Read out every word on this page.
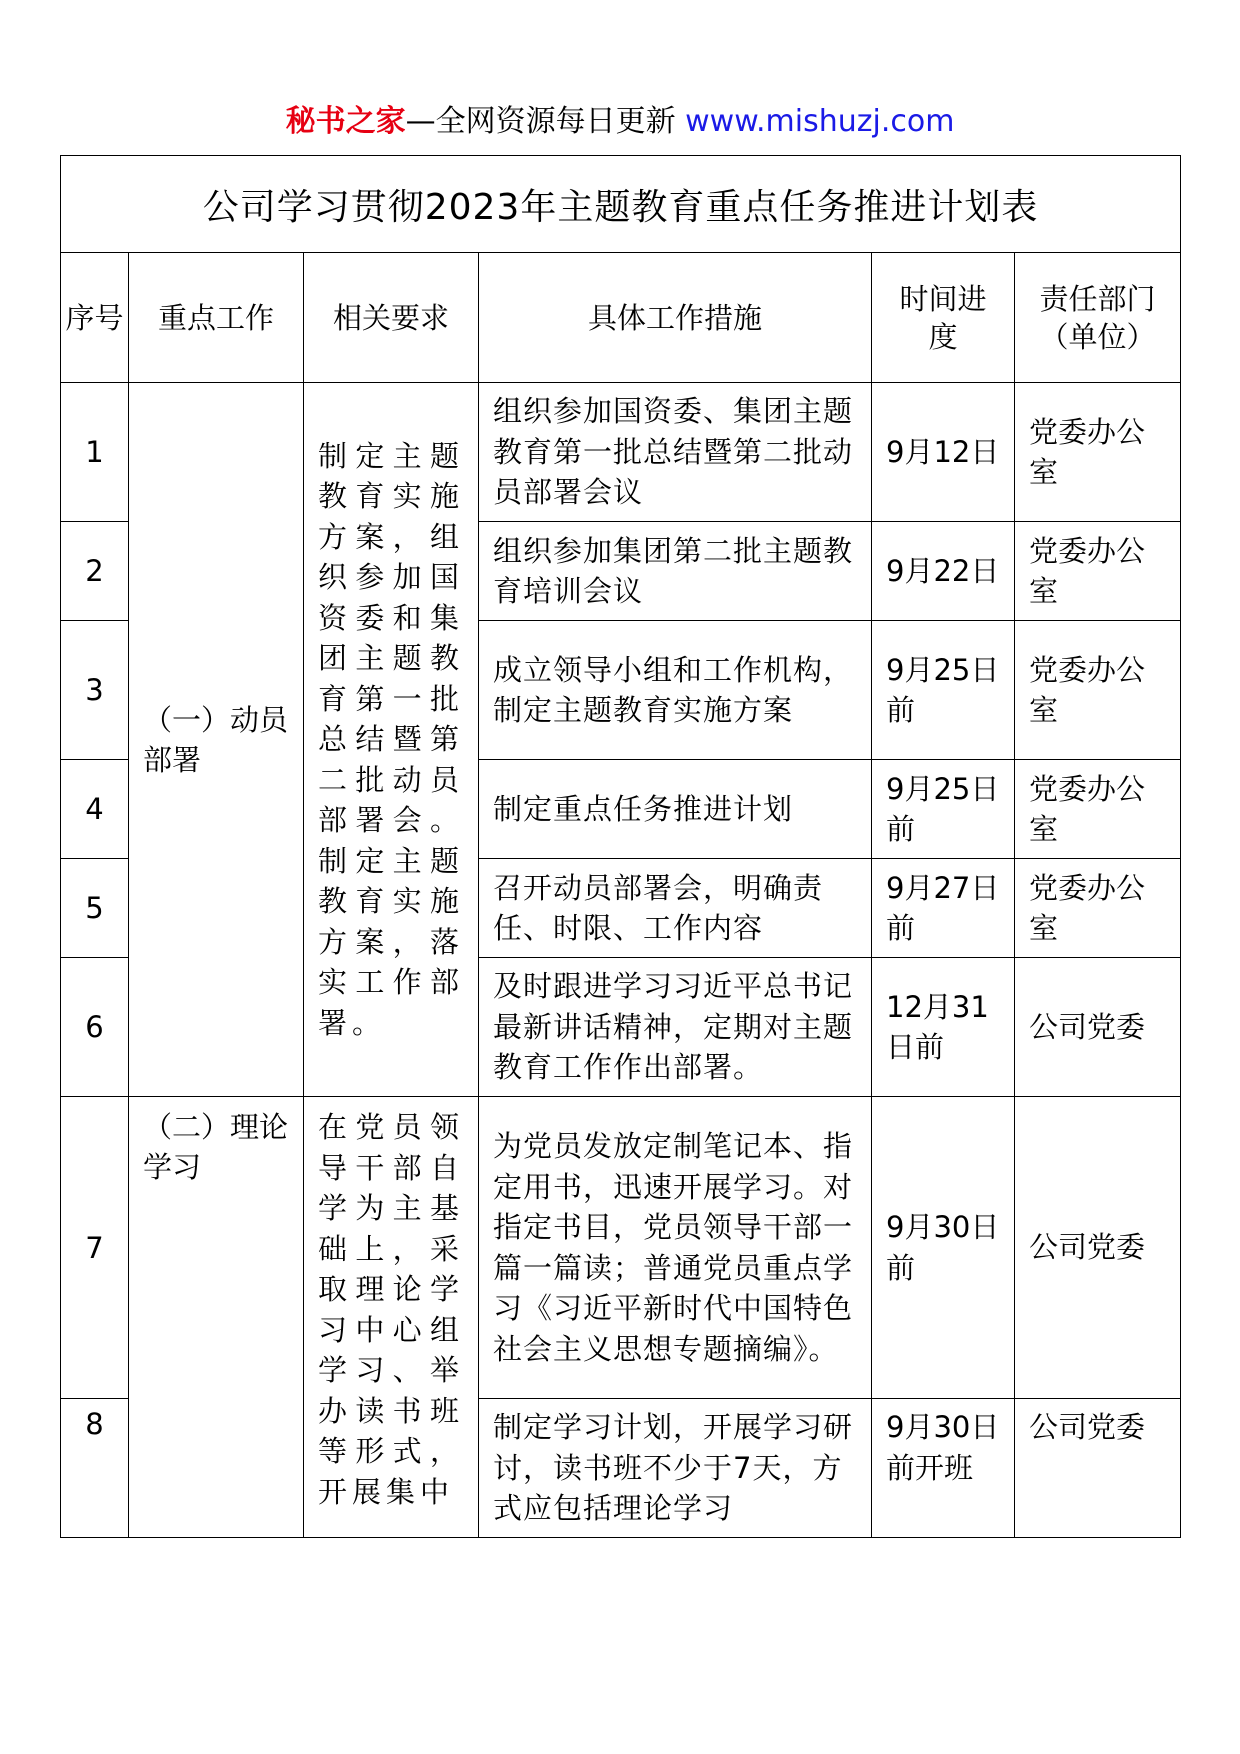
秘书之家—全网资源每日更新 www.mishuzj.com
公司学习贯彻2023年主题教育重点任务推进计划表					
序号	重点工作	相关要求	具体工作措施	时间进度	责任部门（单位）
1	（一）动员部署	制定主题教育实施方案，组织参加国资委和集团主题教育第一批总结暨第二批动员部署会。制定主题教育实施方案，落实工作部署。	组织参加国资委、集团主题教育第一批总结暨第二批动员部署会议	9月12日	党委办公室
2			组织参加集团第二批主题教育培训会议	9月22日	党委办公室
3			成立领导小组和工作机构，制定主题教育实施方案	9月25日前	党委办公室
4			制定重点任务推进计划	9月25日前	党委办公室
5			召开动员部署会，明确责任、时限、工作内容	9月27日前	党委办公室
6			及时跟进学习习近平总书记最新讲话精神，定期对主题教育工作作出部署。	12月31日前	公司党委
7	（二）理论学习	在党员领导干部自学为主基础上，采取理论学习中心组学习、举办读书班等形式，开展集中	为党员发放定制笔记本、指定用书，迅速开展学习。对指定书目，党员领导干部一篇一篇读；普通党员重点学习《习近平新时代中国特色社会主义思想专题摘编》。	9月30日前	公司党委
8			制定学习计划，开展学习研讨，读书班不少于7天，方式应包括理论学习	9月30日前开班	公司党委
